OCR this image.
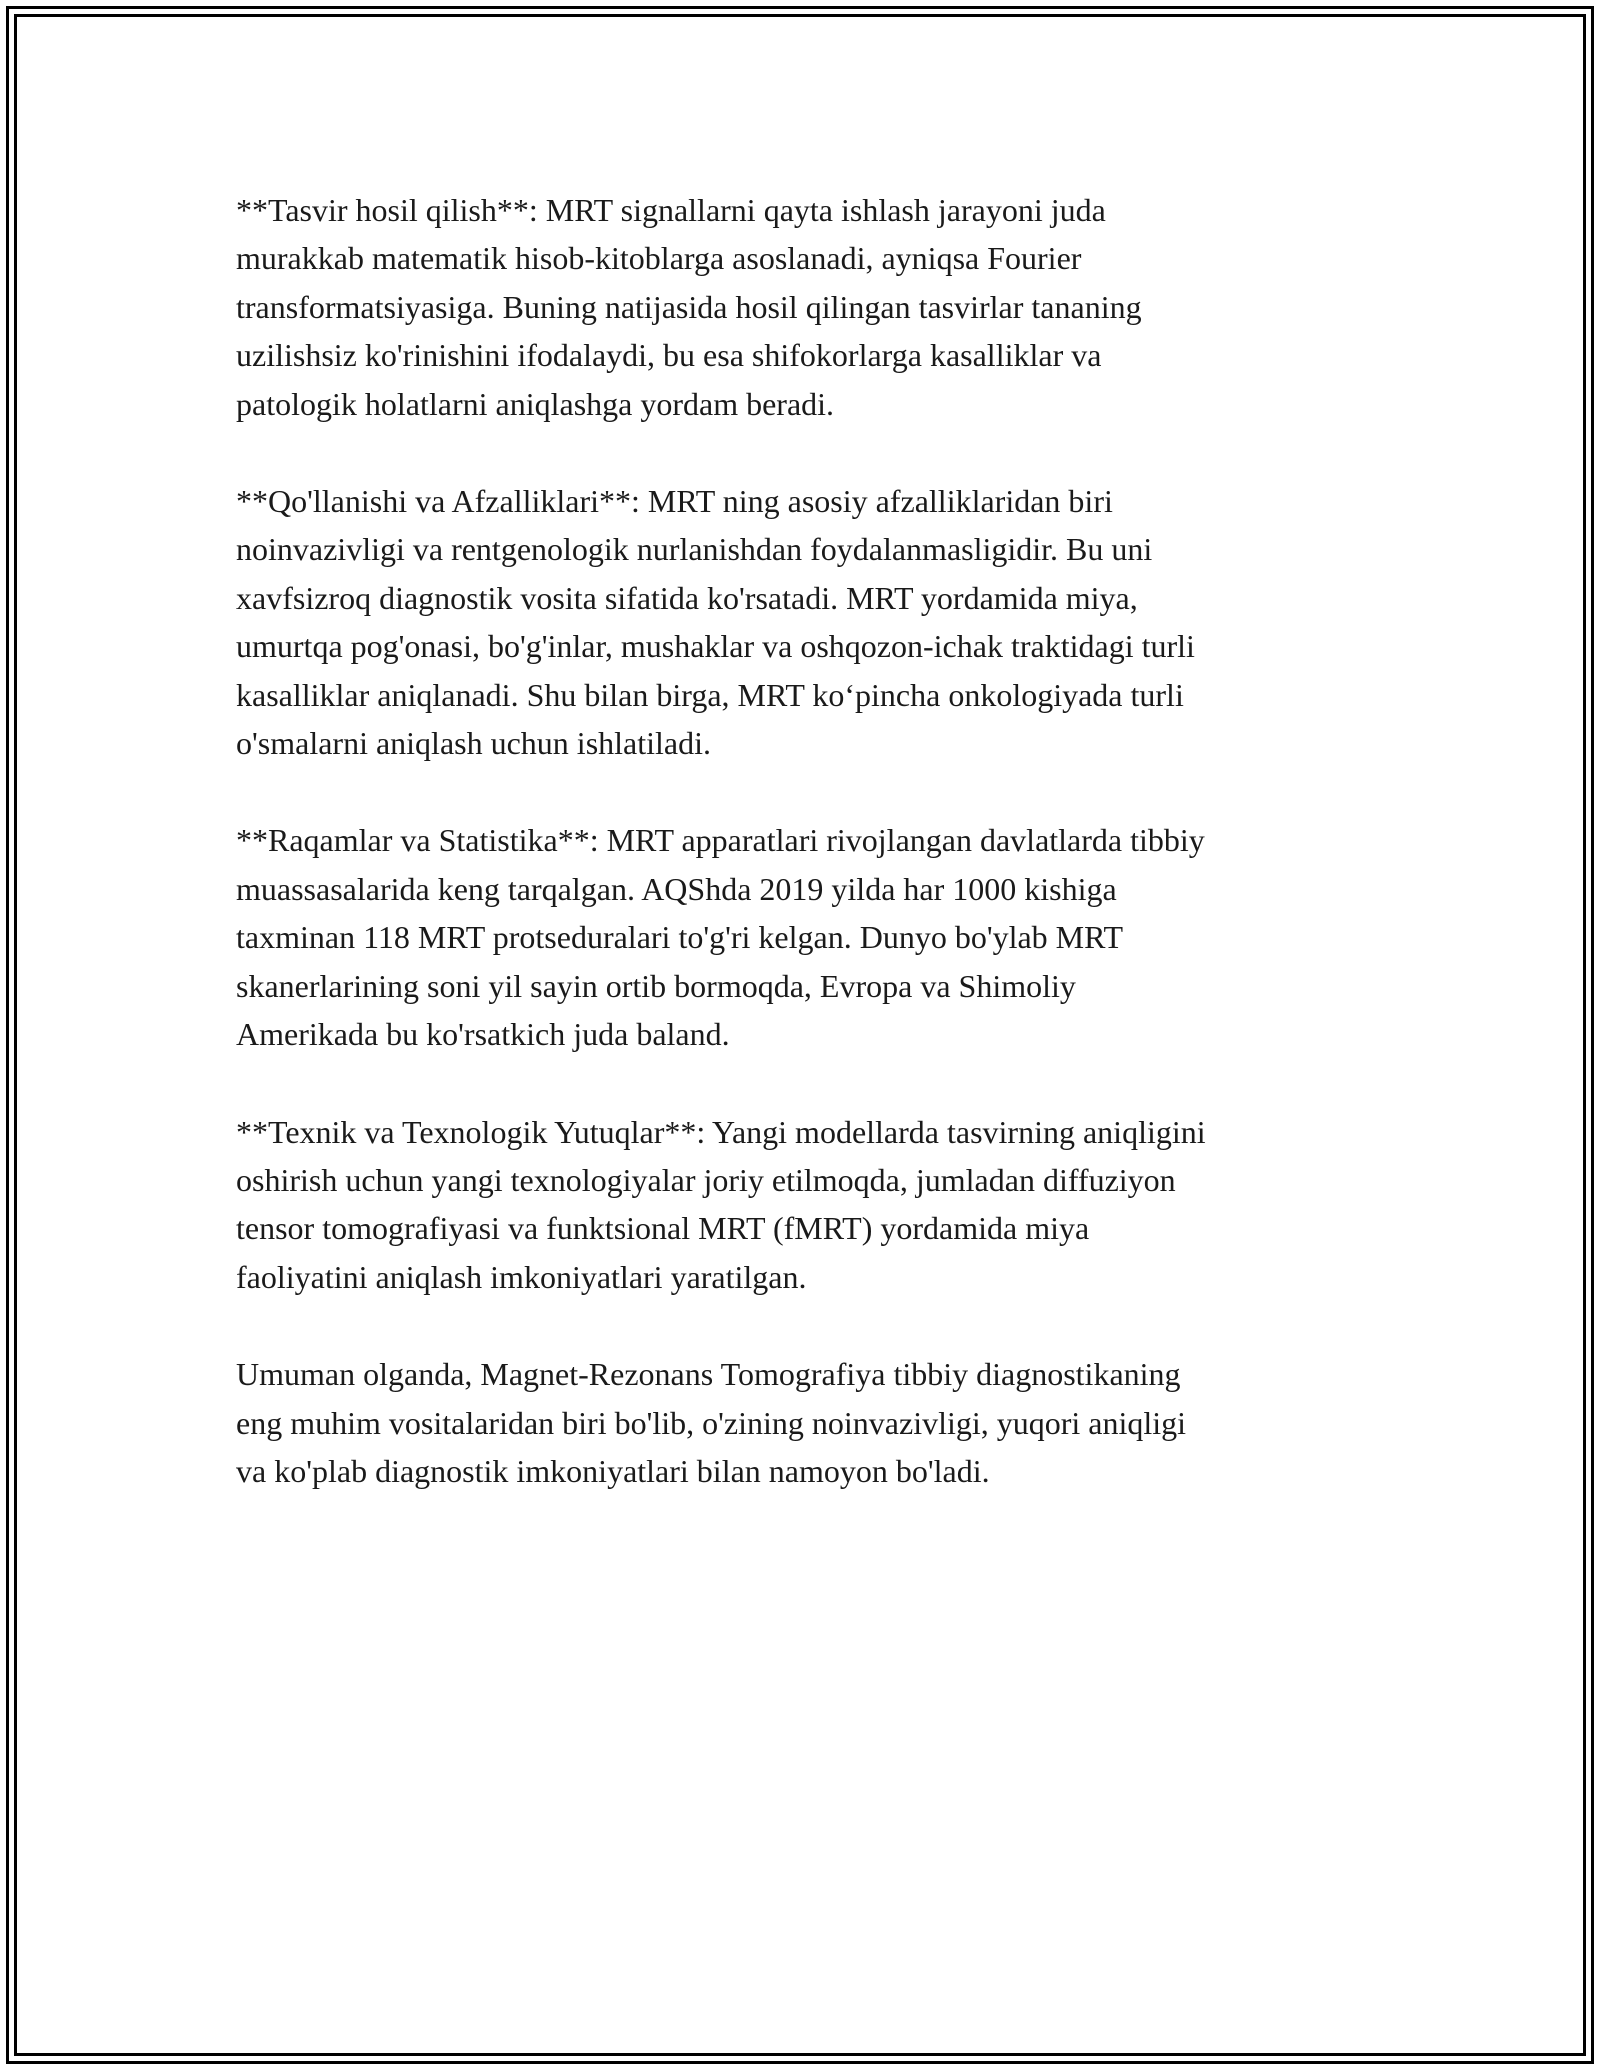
**Tasvir hosil qilish**: MRT signallarni qayta ishlash jarayoni juda
murakkab matematik hisob-kitoblarga asoslanadi, ayniqsa Fourier
transformatsiyasiga. Buning natijasida hosil qilingan tasvirlar tananing
uzilishsiz ko'rinishini ifodalaydi, bu esa shifokorlarga kasalliklar va
patologik holatlarni aniqlashga yordam beradi.

**Qo'llanishi va Afzalliklari**: MRT ning asosiy afzalliklaridan biri
noinvazivligi va rentgenologik nurlanishdan foydalanmasligidir. Bu uni
xavfsizroq diagnostik vosita sifatida ko'rsatadi. MRT yordamida miya,
umurtqa pog'onasi, bo'g'inlar, mushaklar va oshqozon-ichak traktidagi turli
kasalliklar aniqlanadi. Shu bilan birga, MRT ko‘pincha onkologiyada turli
o'smalarni aniqlash uchun ishlatiladi.

**Raqamlar va Statistika**: MRT apparatlari rivojlangan davlatlarda tibbiy
muassasalarida keng tarqalgan. AQShda 2019 yilda har 1000 kishiga
taxminan 118 MRT protseduralari to'g'ri kelgan. Dunyo bo'ylab MRT
skanerlarining soni yil sayin ortib bormoqda, Evropa va Shimoliy
Amerikada bu ko'rsatkich juda baland.

**Texnik va Texnologik Yutuqlar**: Yangi modellarda tasvirning aniqligini
oshirish uchun yangi texnologiyalar joriy etilmoqda, jumladan diffuziyon
tensor tomografiyasi va funktsional MRT (fMRT) yordamida miya
faoliyatini aniqlash imkoniyatlari yaratilgan.

Umuman olganda, Magnet-Rezonans Tomografiya tibbiy diagnostikaning
eng muhim vositalaridan biri bo'lib, o'zining noinvazivligi, yuqori aniqligi
va ko'plab diagnostik imkoniyatlari bilan namoyon bo'ladi.
